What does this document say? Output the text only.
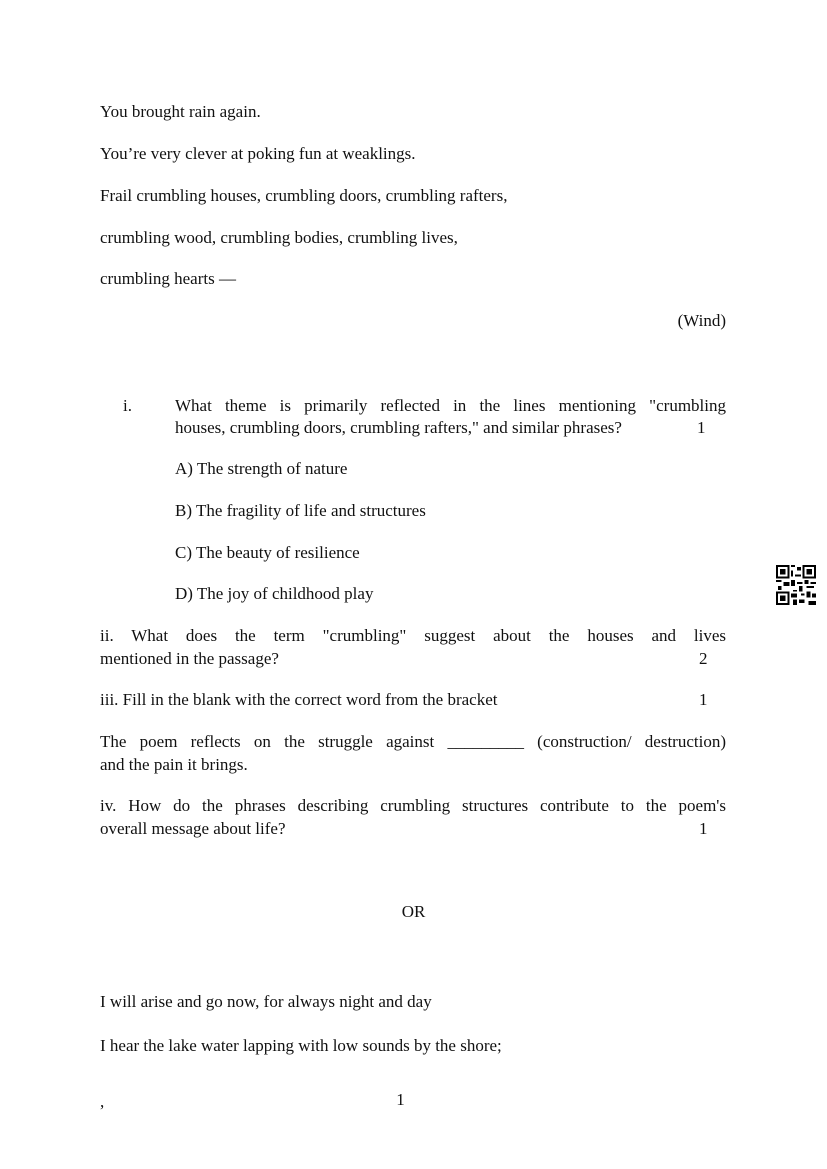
You brought rain again.
You’re very clever at poking fun at weaklings.
Frail crumbling houses, crumbling doors, crumbling rafters,
crumbling wood, crumbling bodies, crumbling lives,
crumbling hearts —
(Wind)
i.	What theme is primarily reflected in the lines mentioning "crumbling
houses, crumbling doors, crumbling rafters," and similar phrases?	1
A) The strength of nature
B) The fragility of life and structures
C) The beauty of resilience
D) The joy of childhood play
ii. What does the term "crumbling" suggest about the houses and lives
mentioned in the passage?	2
iii. Fill in the blank with the correct word from the bracket	1
The poem reflects on the struggle against _________ (construction/ destruction)
and the pain it brings.
iv. How do the phrases describing crumbling structures contribute to the poem's
overall message about life?	1
OR
I will arise and go now, for always night and day
I hear the lake water lapping with low sounds by the shore;
,	1
